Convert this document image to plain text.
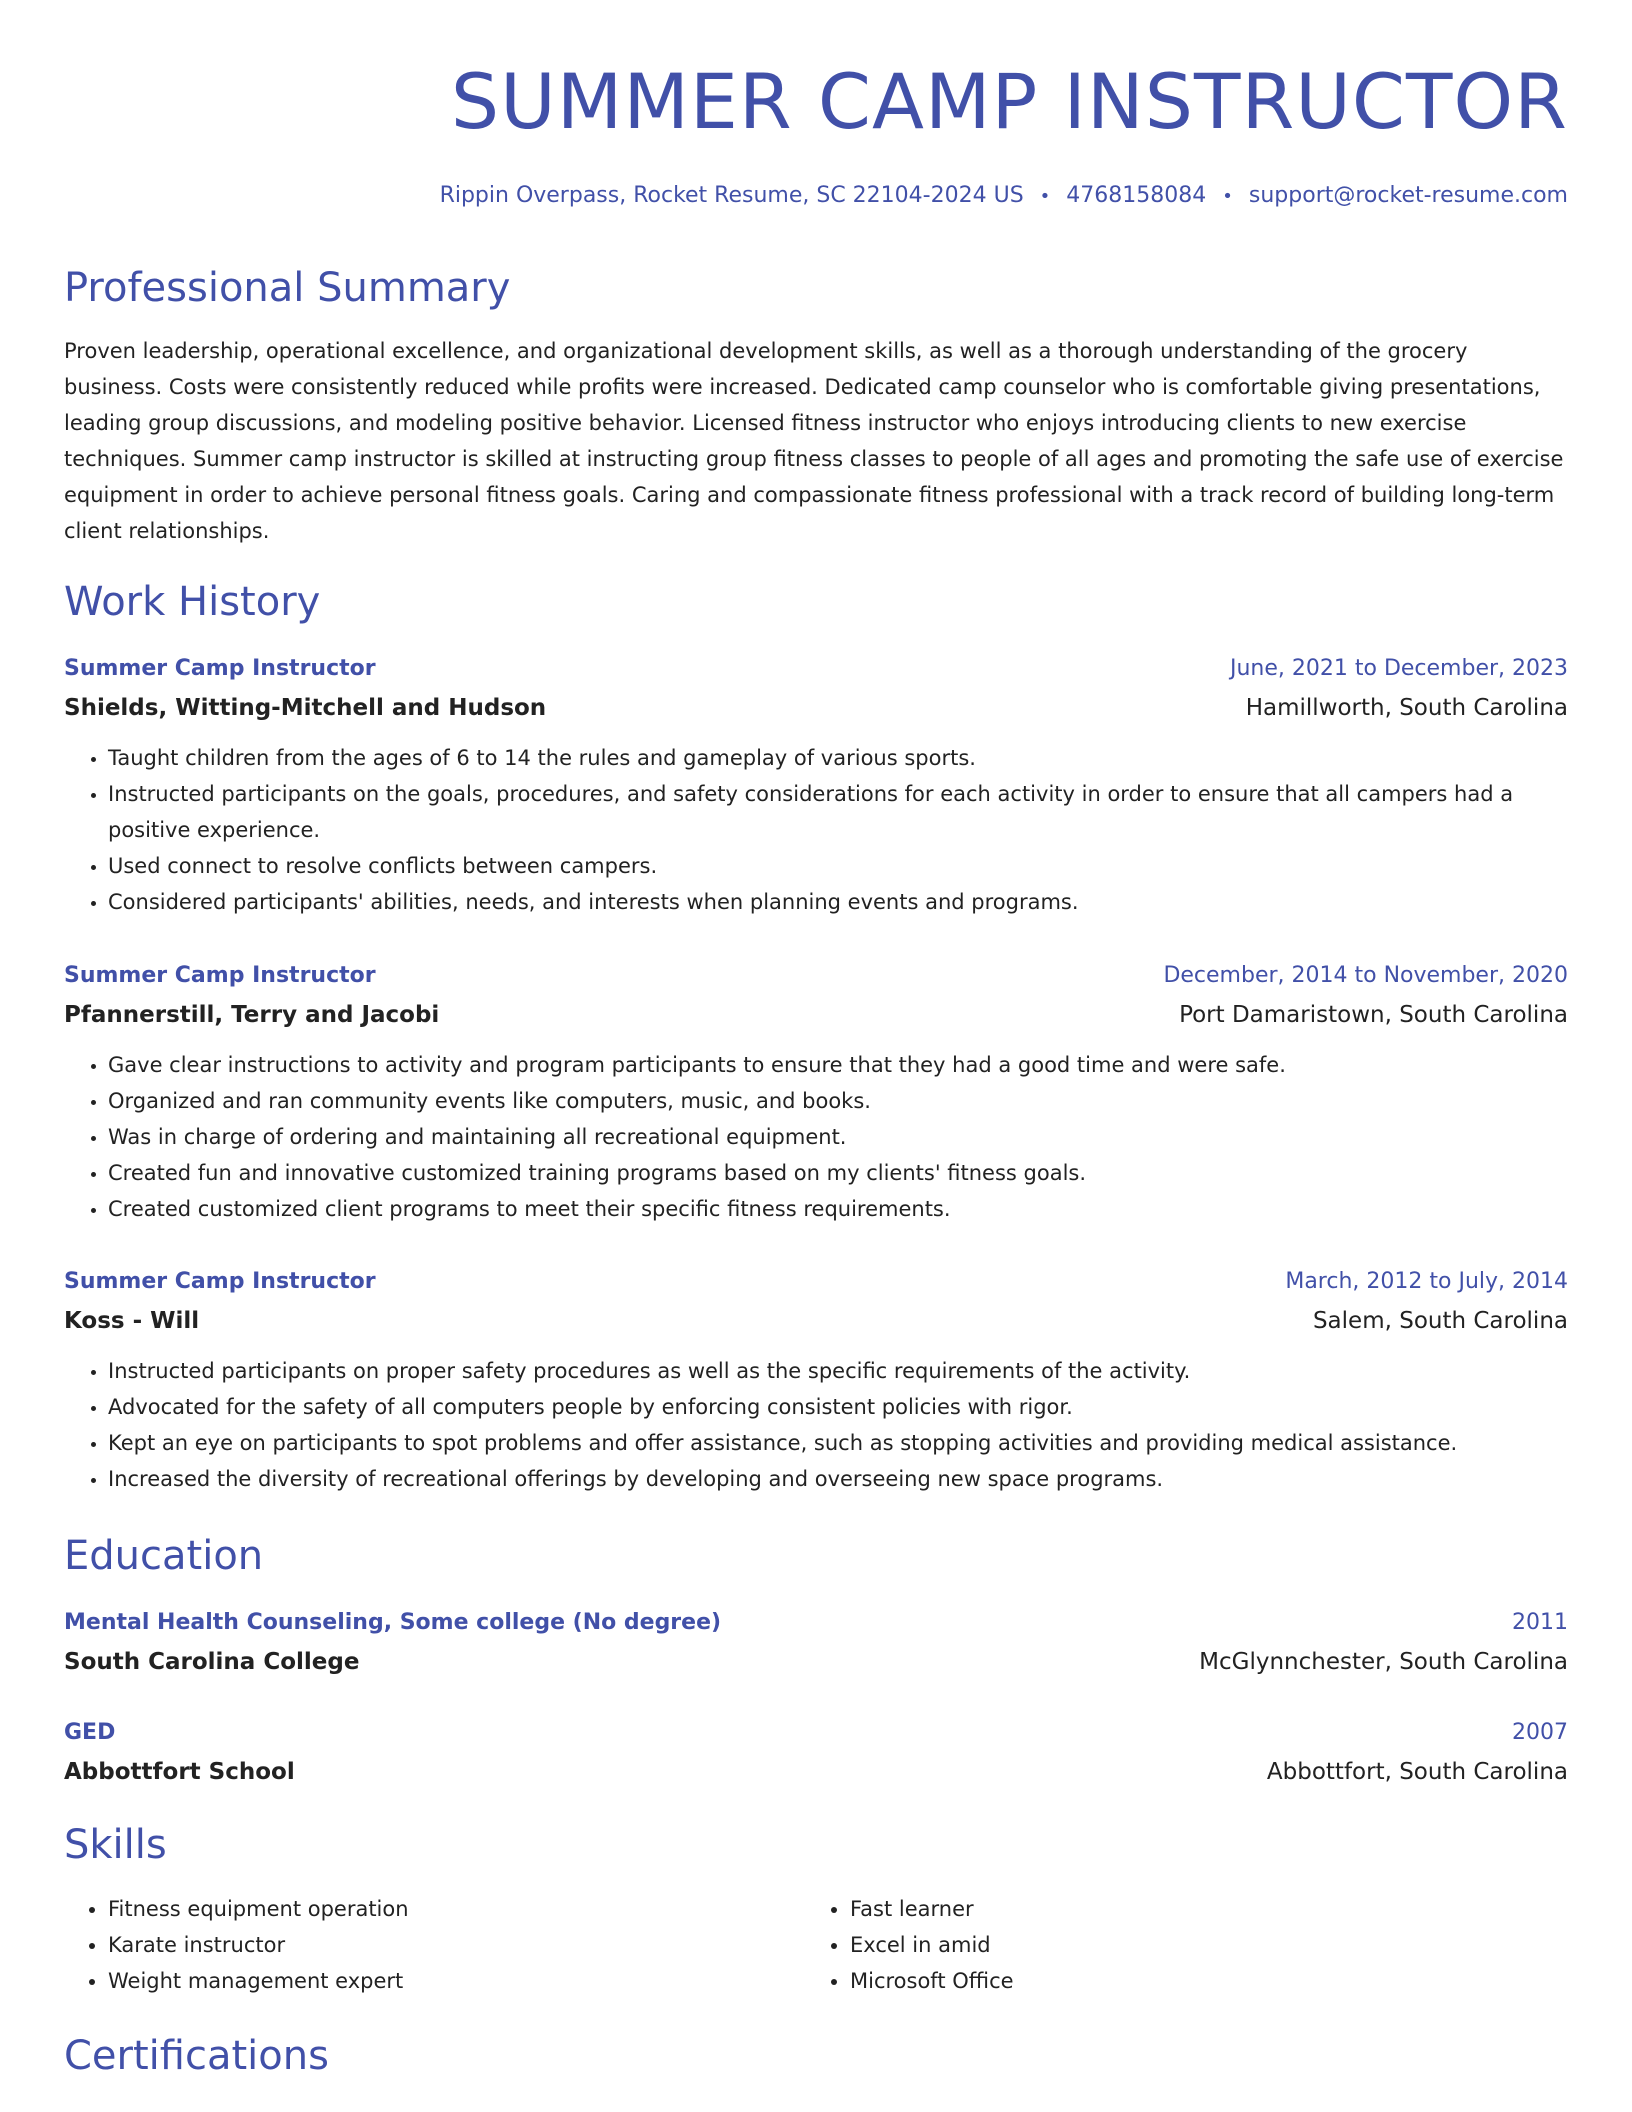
SUMMER CAMP INSTRUCTOR
Rippin Overpass, Rocket Resume, SC 22104-2024 US • 4768158084 • support@rocket-resume.com
Professional Summary

Proven leadership, operational excellence, and organizational development skills, as well as a thorough understanding of the grocery business. Costs were consistently reduced while profits were increased. Dedicated camp counselor who is comfortable giving presentations, leading group discussions, and modeling positive behavior. Licensed fitness instructor who enjoys introducing clients to new exercise techniques. Summer camp instructor is skilled at instructing group fitness classes to people of all ages and promoting the safe use of exercise equipment in order to achieve personal fitness goals. Caring and compassionate fitness professional with a track record of building long-term client relationships.

Work History
Summer Camp Instructor	June, 2021 to December, 2023
Shields, Witting-Mitchell and Hudson	Hamillworth, South Carolina
• Taught children from the ages of 6 to 14 the rules and gameplay of various sports.
• Instructed participants on the goals, procedures, and safety considerations for each activity in order to ensure that all campers had a positive experience.
• Used connect to resolve conflicts between campers.
• Considered participants' abilities, needs, and interests when planning events and programs.
Summer Camp Instructor	December, 2014 to November, 2020
Pfannerstill, Terry and Jacobi	Port Damaristown, South Carolina
• Gave clear instructions to activity and program participants to ensure that they had a good time and were safe.
• Organized and ran community events like computers, music, and books.
• Was in charge of ordering and maintaining all recreational equipment.
• Created fun and innovative customized training programs based on my clients' fitness goals.
• Created customized client programs to meet their specific fitness requirements.
Summer Camp Instructor	March, 2012 to July, 2014
Koss - Will	Salem, South Carolina
• Instructed participants on proper safety procedures as well as the specific requirements of the activity.
• Advocated for the safety of all computers people by enforcing consistent policies with rigor.
• Kept an eye on participants to spot problems and offer assistance, such as stopping activities and providing medical assistance.
• Increased the diversity of recreational offerings by developing and overseeing new space programs.
Education
Mental Health Counseling, Some college (No degree)	2011
South Carolina College	McGlynnchester, South Carolina
GED	2007
Abbottfort School	Abbottfort, South Carolina
Skills
• Fitness equipment operation
• Karate instructor
• Weight management expert
• Fast learner
• Excel in amid
• Microsoft Office
Certifications
